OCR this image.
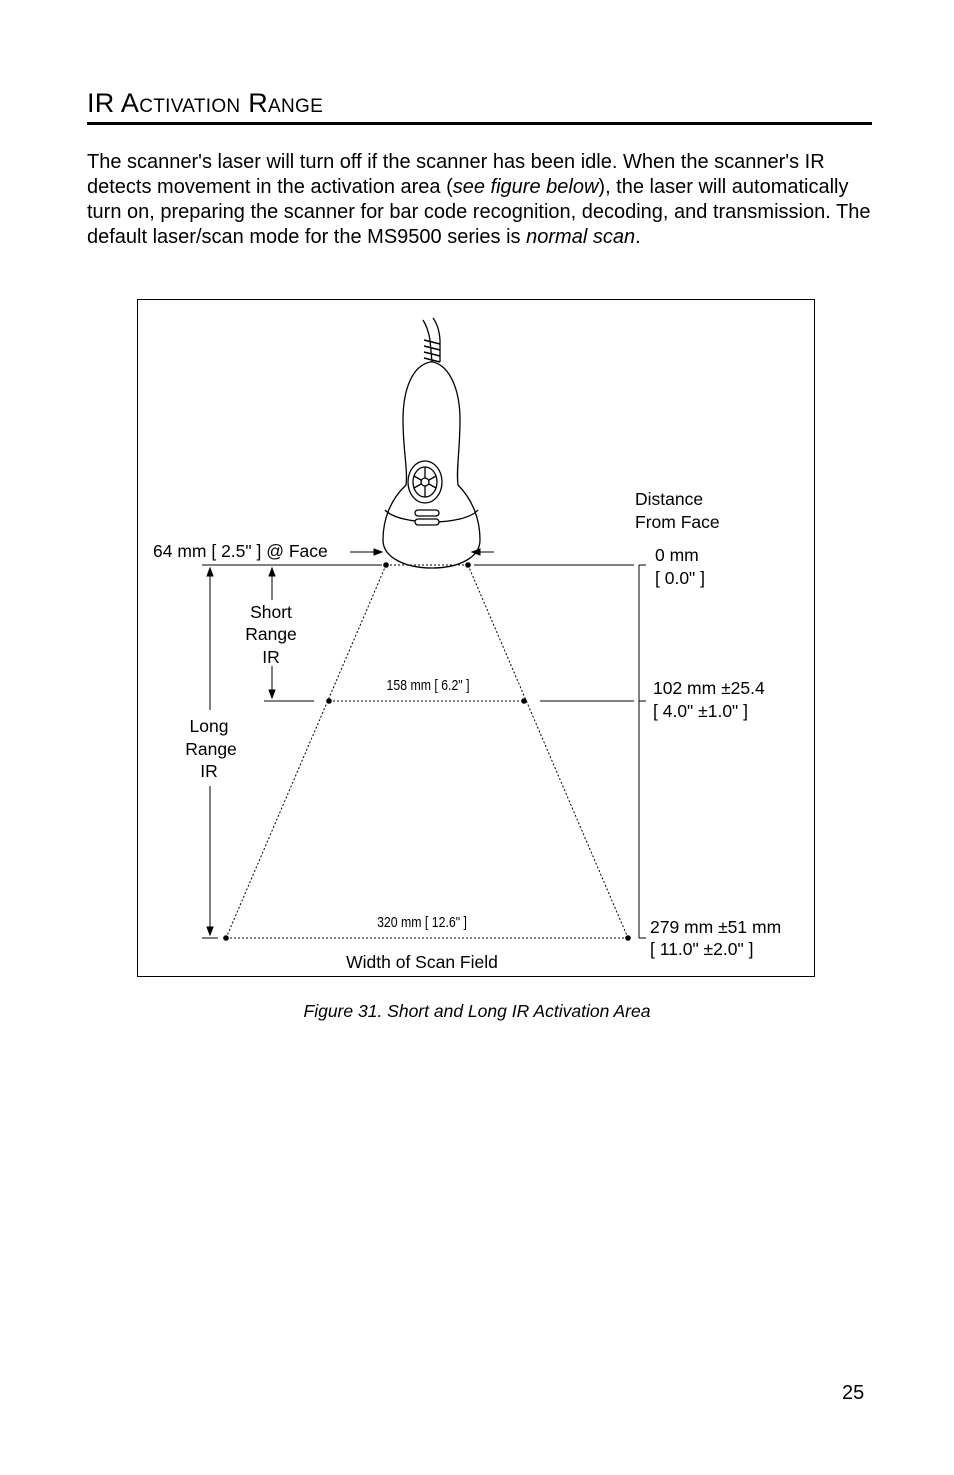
IR Activation Range

The scanner's laser will turn off if the scanner has been idle. When the scanner's IR detects movement in the activation area (see figure below), the laser will automatically turn on, preparing the scanner for bar code recognition, decoding, and transmission. The default laser/scan mode for the MS9500 series is normal scan.

64 mm [ 2.5" ] @ Face
Distance
From Face
0 mm
[ 0.0" ]
102 mm ±25.4
[ 4.0" ±1.0" ]
279 mm ±51 mm
[ 11.0" ±2.0" ]
Short
Range
IR
Long
Range
IR
158 mm [ 6.2" ]
320 mm [ 12.6" ]
Width of Scan Field
Figure 31. Short and Long IR Activation Area
25
